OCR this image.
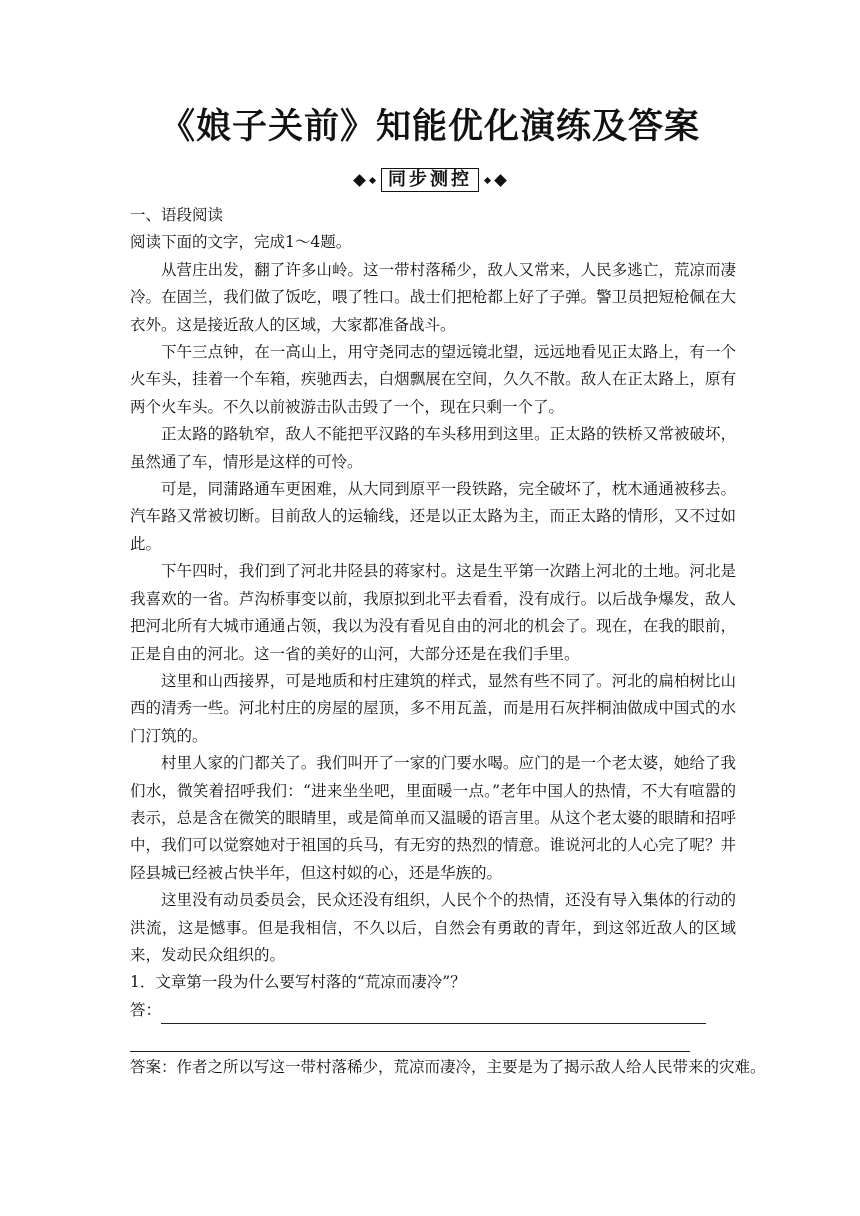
《娘子关前》知能优化演练及答案
同步测控
一、语段阅读
阅读下面的文字，完成1～4题。

从营庄出发，翻了许多山岭。这一带村落稀少，敌人又常来，人民多逃亡，荒凉而凄冷。在固兰，我们做了饭吃，喂了牲口。战士们把枪都上好了子弹。警卫员把短枪佩在大衣外。这是接近敌人的区域，大家都准备战斗。

下午三点钟，在一高山上，用守尧同志的望远镜北望，远远地看见正太路上，有一个火车头，挂着一个车箱，疾驰西去，白烟飘展在空间，久久不散。敌人在正太路上，原有两个火车头。不久以前被游击队击毁了一个，现在只剩一个了。

正太路的路轨窄，敌人不能把平汉路的车头移用到这里。正太路的铁桥又常被破坏，虽然通了车，情形是这样的可怜。

可是，同蒲路通车更困难，从大同到原平一段铁路，完全破坏了，枕木通通被移去。汽车路又常被切断。目前敌人的运输线，还是以正太路为主，而正太路的情形，又不过如此。

下午四时，我们到了河北井陉县的蒋家村。这是生平第一次踏上河北的土地。河北是我喜欢的一省。芦沟桥事变以前，我原拟到北平去看看，没有成行。以后战争爆发，敌人把河北所有大城市通通占领，我以为没有看见自由的河北的机会了。现在，在我的眼前，正是自由的河北。这一省的美好的山河，大部分还是在我们手里。

这里和山西接界，可是地质和村庄建筑的样式，显然有些不同了。河北的扁柏树比山西的清秀一些。河北村庄的房屋的屋顶，多不用瓦盖，而是用石灰拌桐油做成中国式的水门汀筑的。

村里人家的门都关了。我们叫开了一家的门要水喝。应门的是一个老太婆，她给了我们水，微笑着招呼我们：“进来坐坐吧，里面暖一点。”老年中国人的热情，不大有喧嚣的表示，总是含在微笑的眼睛里，或是简单而又温暖的语言里。从这个老太婆的眼睛和招呼中，我们可以觉察她对于祖国的兵马，有无穷的热烈的情意。谁说河北的人心完了呢？井陉县城已经被占快半年，但这村姒的心，还是华族的。

这里没有动员委员会，民众还没有组织，人民个个的热情，还没有导入集体的行动的洪流，这是憾事。但是我相信，不久以后，自然会有勇敢的青年，到这邻近敌人的区域来，发动民众组织的。

1．文章第一段为什么要写村落的“荒凉而凄冷”？
答：
答案：作者之所以写这一带村落稀少，荒凉而凄冷，主要是为了揭示敌人给人民带来的灾难。
